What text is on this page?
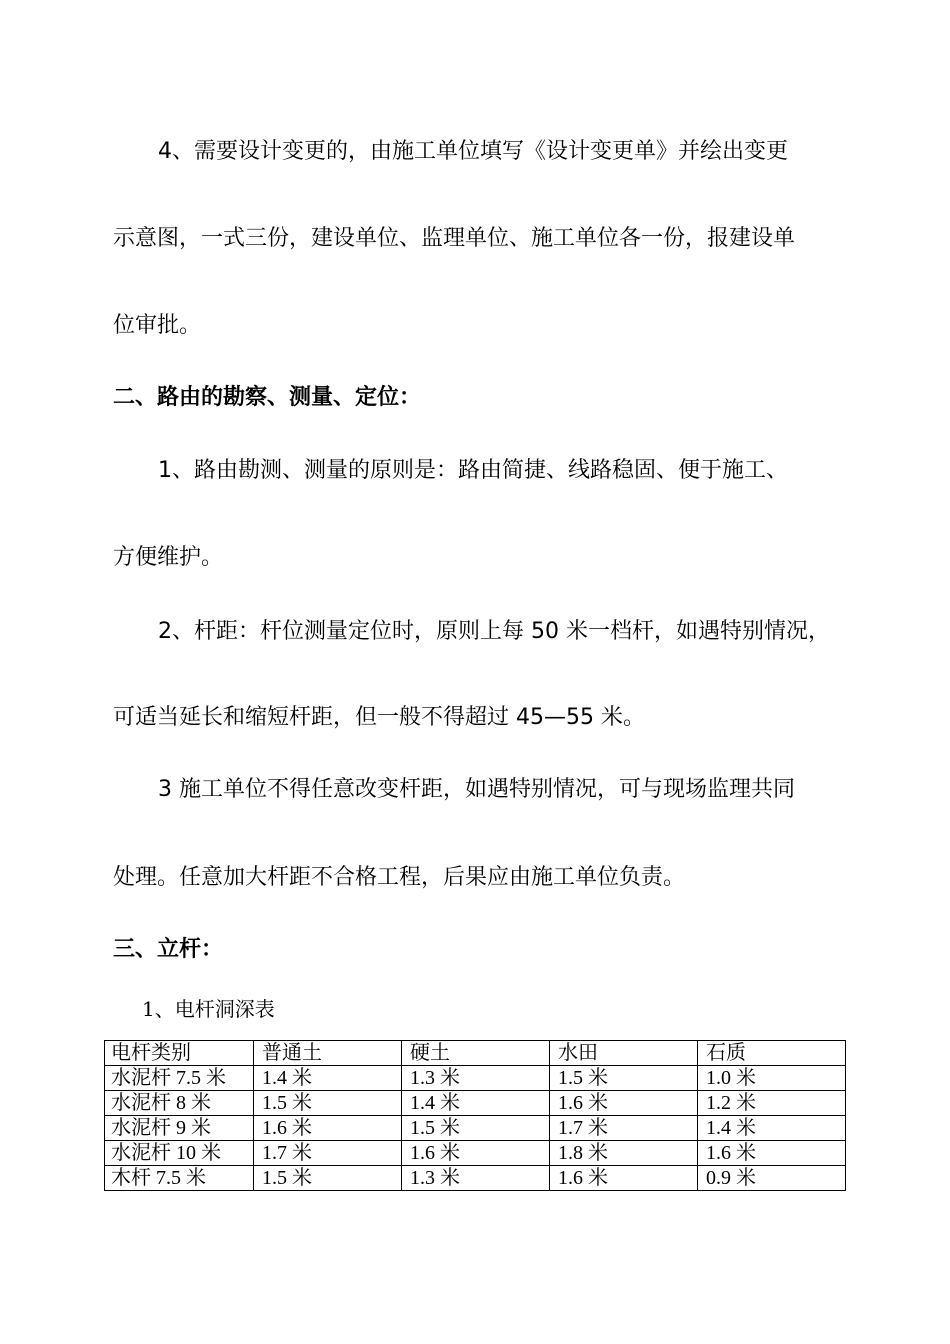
4、需要设计变更的，由施工单位填写《设计变更单》并绘出变更
示意图，一式三份，建设单位、监理单位、施工单位各一份，报建设单
位审批。
二、路由的勘察、测量、定位：
1、路由勘测、测量的原则是：路由简捷、线路稳固、便于施工、
方便维护。
2、杆距：杆位测量定位时，原则上每 50 米一档杆，如遇特别情况，
可适当延长和缩短杆距，但一般不得超过 45—55 米。
3 施工单位不得任意改变杆距，如遇特别情况，可与现场监理共同
处理。任意加大杆距不合格工程，后果应由施工单位负责。
三、立杆：
1、电杆洞深表
电杆类别	普通土	硬土	水田	石质
水泥杆 7.5 米	1.4 米	1.3 米	1.5 米	1.0 米
水泥杆 8 米	1.5 米	1.4 米	1.6 米	1.2 米
水泥杆 9 米	1.6 米	1.5 米	1.7 米	1.4 米
水泥杆 10 米	1.7 米	1.6 米	1.8 米	1.6 米
木杆 7.5 米	1.5 米	1.3 米	1.6 米	0.9 米
